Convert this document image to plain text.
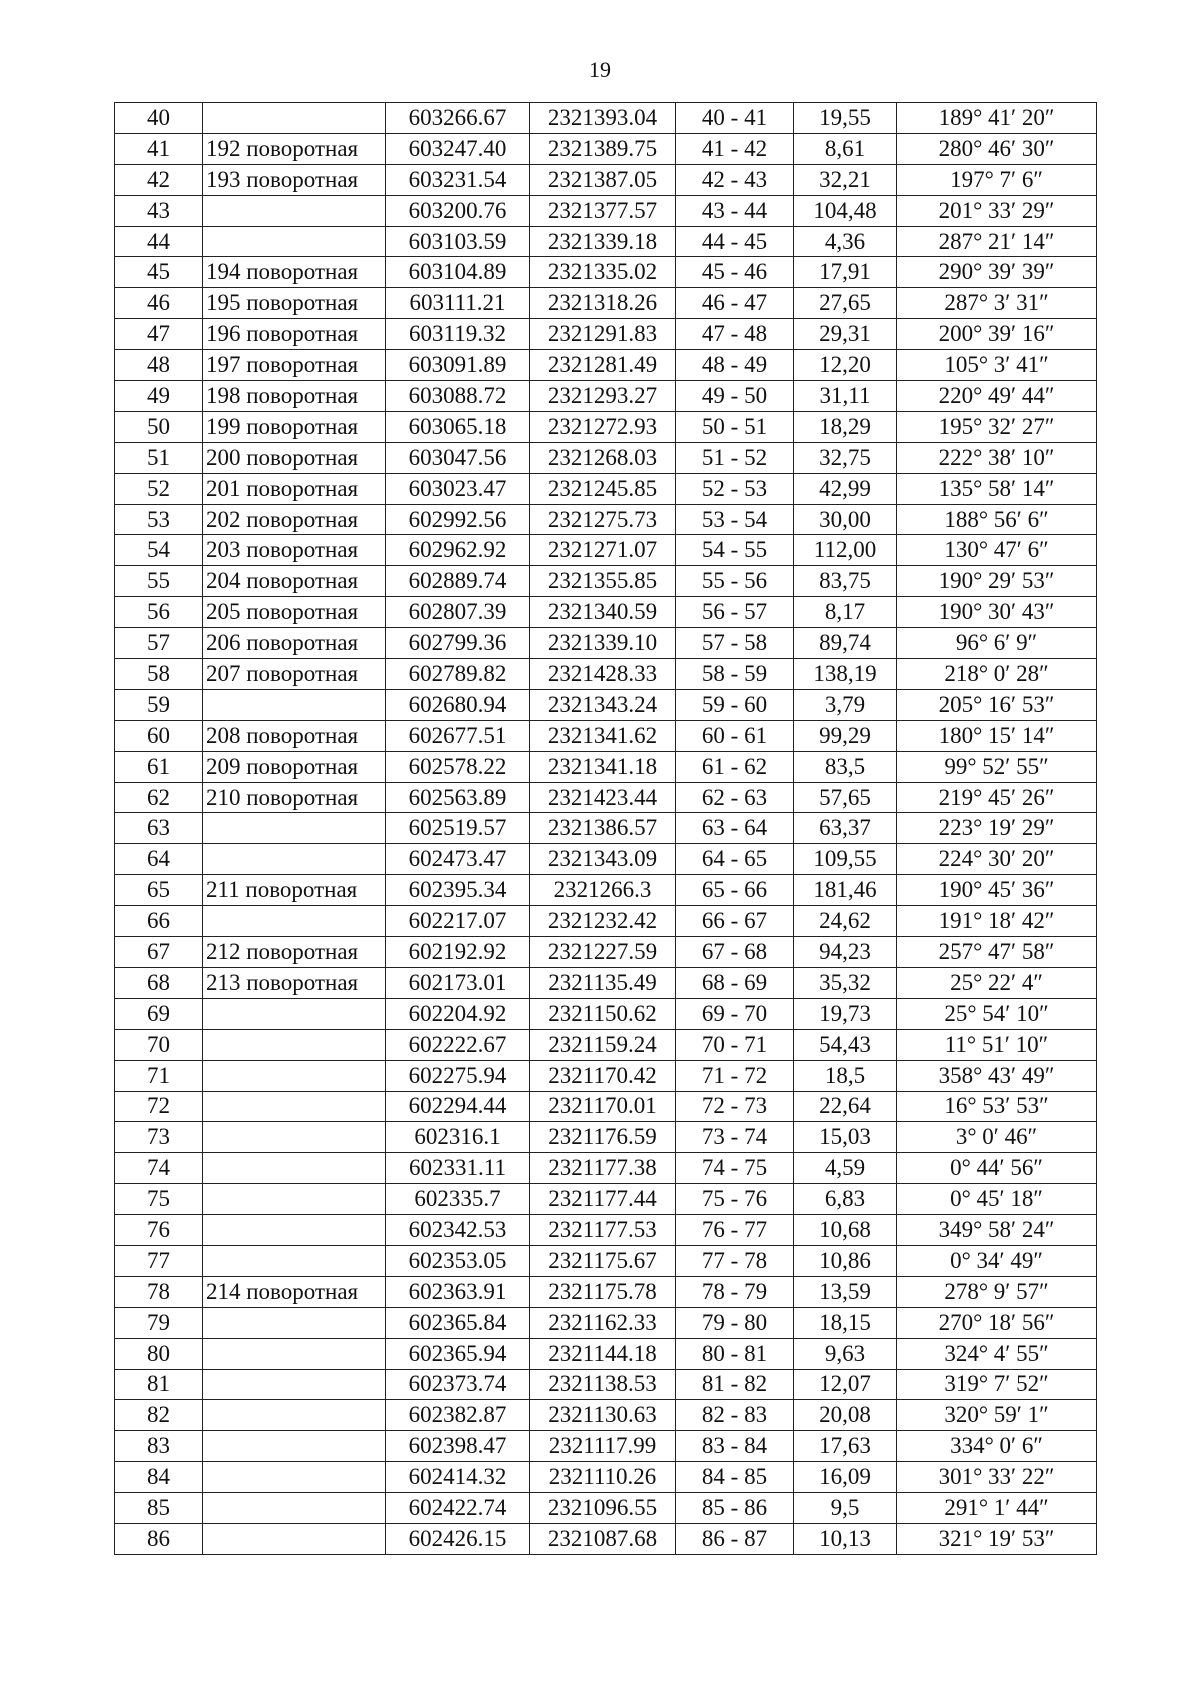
19
40		603266.67	2321393.04	40 - 41	19,55	189° 41′ 20″
41	192 поворотная	603247.40	2321389.75	41 - 42	8,61	280° 46′ 30″
42	193 поворотная	603231.54	2321387.05	42 - 43	32,21	197° 7′ 6″
43		603200.76	2321377.57	43 - 44	104,48	201° 33′ 29″
44		603103.59	2321339.18	44 - 45	4,36	287° 21′ 14″
45	194 поворотная	603104.89	2321335.02	45 - 46	17,91	290° 39′ 39″
46	195 поворотная	603111.21	2321318.26	46 - 47	27,65	287° 3′ 31″
47	196 поворотная	603119.32	2321291.83	47 - 48	29,31	200° 39′ 16″
48	197 поворотная	603091.89	2321281.49	48 - 49	12,20	105° 3′ 41″
49	198 поворотная	603088.72	2321293.27	49 - 50	31,11	220° 49′ 44″
50	199 поворотная	603065.18	2321272.93	50 - 51	18,29	195° 32′ 27″
51	200 поворотная	603047.56	2321268.03	51 - 52	32,75	222° 38′ 10″
52	201 поворотная	603023.47	2321245.85	52 - 53	42,99	135° 58′ 14″
53	202 поворотная	602992.56	2321275.73	53 - 54	30,00	188° 56′ 6″
54	203 поворотная	602962.92	2321271.07	54 - 55	112,00	130° 47′ 6″
55	204 поворотная	602889.74	2321355.85	55 - 56	83,75	190° 29′ 53″
56	205 поворотная	602807.39	2321340.59	56 - 57	8,17	190° 30′ 43″
57	206 поворотная	602799.36	2321339.10	57 - 58	89,74	96° 6′ 9″
58	207 поворотная	602789.82	2321428.33	58 - 59	138,19	218° 0′ 28″
59		602680.94	2321343.24	59 - 60	3,79	205° 16′ 53″
60	208 поворотная	602677.51	2321341.62	60 - 61	99,29	180° 15′ 14″
61	209 поворотная	602578.22	2321341.18	61 - 62	83,5	99° 52′ 55″
62	210 поворотная	602563.89	2321423.44	62 - 63	57,65	219° 45′ 26″
63		602519.57	2321386.57	63 - 64	63,37	223° 19′ 29″
64		602473.47	2321343.09	64 - 65	109,55	224° 30′ 20″
65	211 поворотная	602395.34	2321266.3	65 - 66	181,46	190° 45′ 36″
66		602217.07	2321232.42	66 - 67	24,62	191° 18′ 42″
67	212 поворотная	602192.92	2321227.59	67 - 68	94,23	257° 47′ 58″
68	213 поворотная	602173.01	2321135.49	68 - 69	35,32	25° 22′ 4″
69		602204.92	2321150.62	69 - 70	19,73	25° 54′ 10″
70		602222.67	2321159.24	70 - 71	54,43	11° 51′ 10″
71		602275.94	2321170.42	71 - 72	18,5	358° 43′ 49″
72		602294.44	2321170.01	72 - 73	22,64	16° 53′ 53″
73		602316.1	2321176.59	73 - 74	15,03	3° 0′ 46″
74		602331.11	2321177.38	74 - 75	4,59	0° 44′ 56″
75		602335.7	2321177.44	75 - 76	6,83	0° 45′ 18″
76		602342.53	2321177.53	76 - 77	10,68	349° 58′ 24″
77		602353.05	2321175.67	77 - 78	10,86	0° 34′ 49″
78	214 поворотная	602363.91	2321175.78	78 - 79	13,59	278° 9′ 57″
79		602365.84	2321162.33	79 - 80	18,15	270° 18′ 56″
80		602365.94	2321144.18	80 - 81	9,63	324° 4′ 55″
81		602373.74	2321138.53	81 - 82	12,07	319° 7′ 52″
82		602382.87	2321130.63	82 - 83	20,08	320° 59′ 1″
83		602398.47	2321117.99	83 - 84	17,63	334° 0′ 6″
84		602414.32	2321110.26	84 - 85	16,09	301° 33′ 22″
85		602422.74	2321096.55	85 - 86	9,5	291° 1′ 44″
86		602426.15	2321087.68	86 - 87	10,13	321° 19′ 53″
